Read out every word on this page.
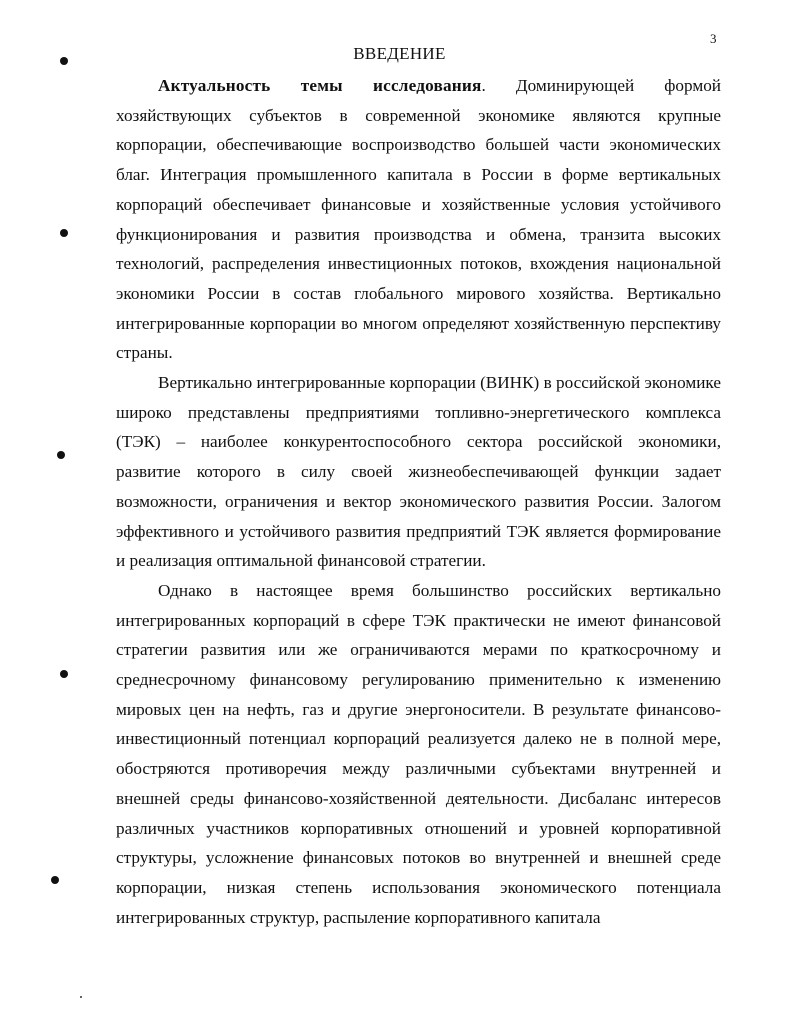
3
ВВЕДЕНИЕ

Актуальность темы исследования. Доминирующей формой хозяйствующих субъектов в современной экономике являются крупные корпорации, обеспечивающие воспроизводство большей части экономических благ. Интеграция промышленного капитала в России в форме вертикальных корпораций обеспечивает финансовые и хозяйственные условия устойчивого функционирования и развития производства и обмена, транзита высоких технологий, распределения инвестиционных потоков, вхождения национальной экономики России в состав глобального мирового хозяйства. Вертикально интегрированные корпорации во многом определяют хозяйственную перспективу страны.

Вертикально интегрированные корпорации (ВИНК) в российской экономике широко представлены предприятиями топливно-энергетического комплекса (ТЭК) – наиболее конкурентоспособного сектора российской экономики, развитие которого в силу своей жизнеобеспечивающей функции задает возможности, ограничения и вектор экономического развития России. Залогом эффективного и устойчивого развития предприятий ТЭК является формирование и реализация оптимальной финансовой стратегии.

Однако в настоящее время большинство российских вертикально интегрированных корпораций в сфере ТЭК практически не имеют финансовой стратегии развития или же ограничиваются мерами по краткосрочному и среднесрочному финансовому регулированию применительно к изменению мировых цен на нефть, газ и другие энергоносители. В результате финансово-инвестиционный потенциал корпораций реализуется далеко не в полной мере, обостряются противоречия между различными субъектами внутренней и внешней среды финансово-хозяйственной деятельности. Дисбаланс интересов различных участников корпоративных отношений и уровней корпоративной структуры, усложнение финансовых потоков во внутренней и внешней среде корпорации, низкая степень использования экономического потенциала интегрированных структур, распыление корпоративного капитала
